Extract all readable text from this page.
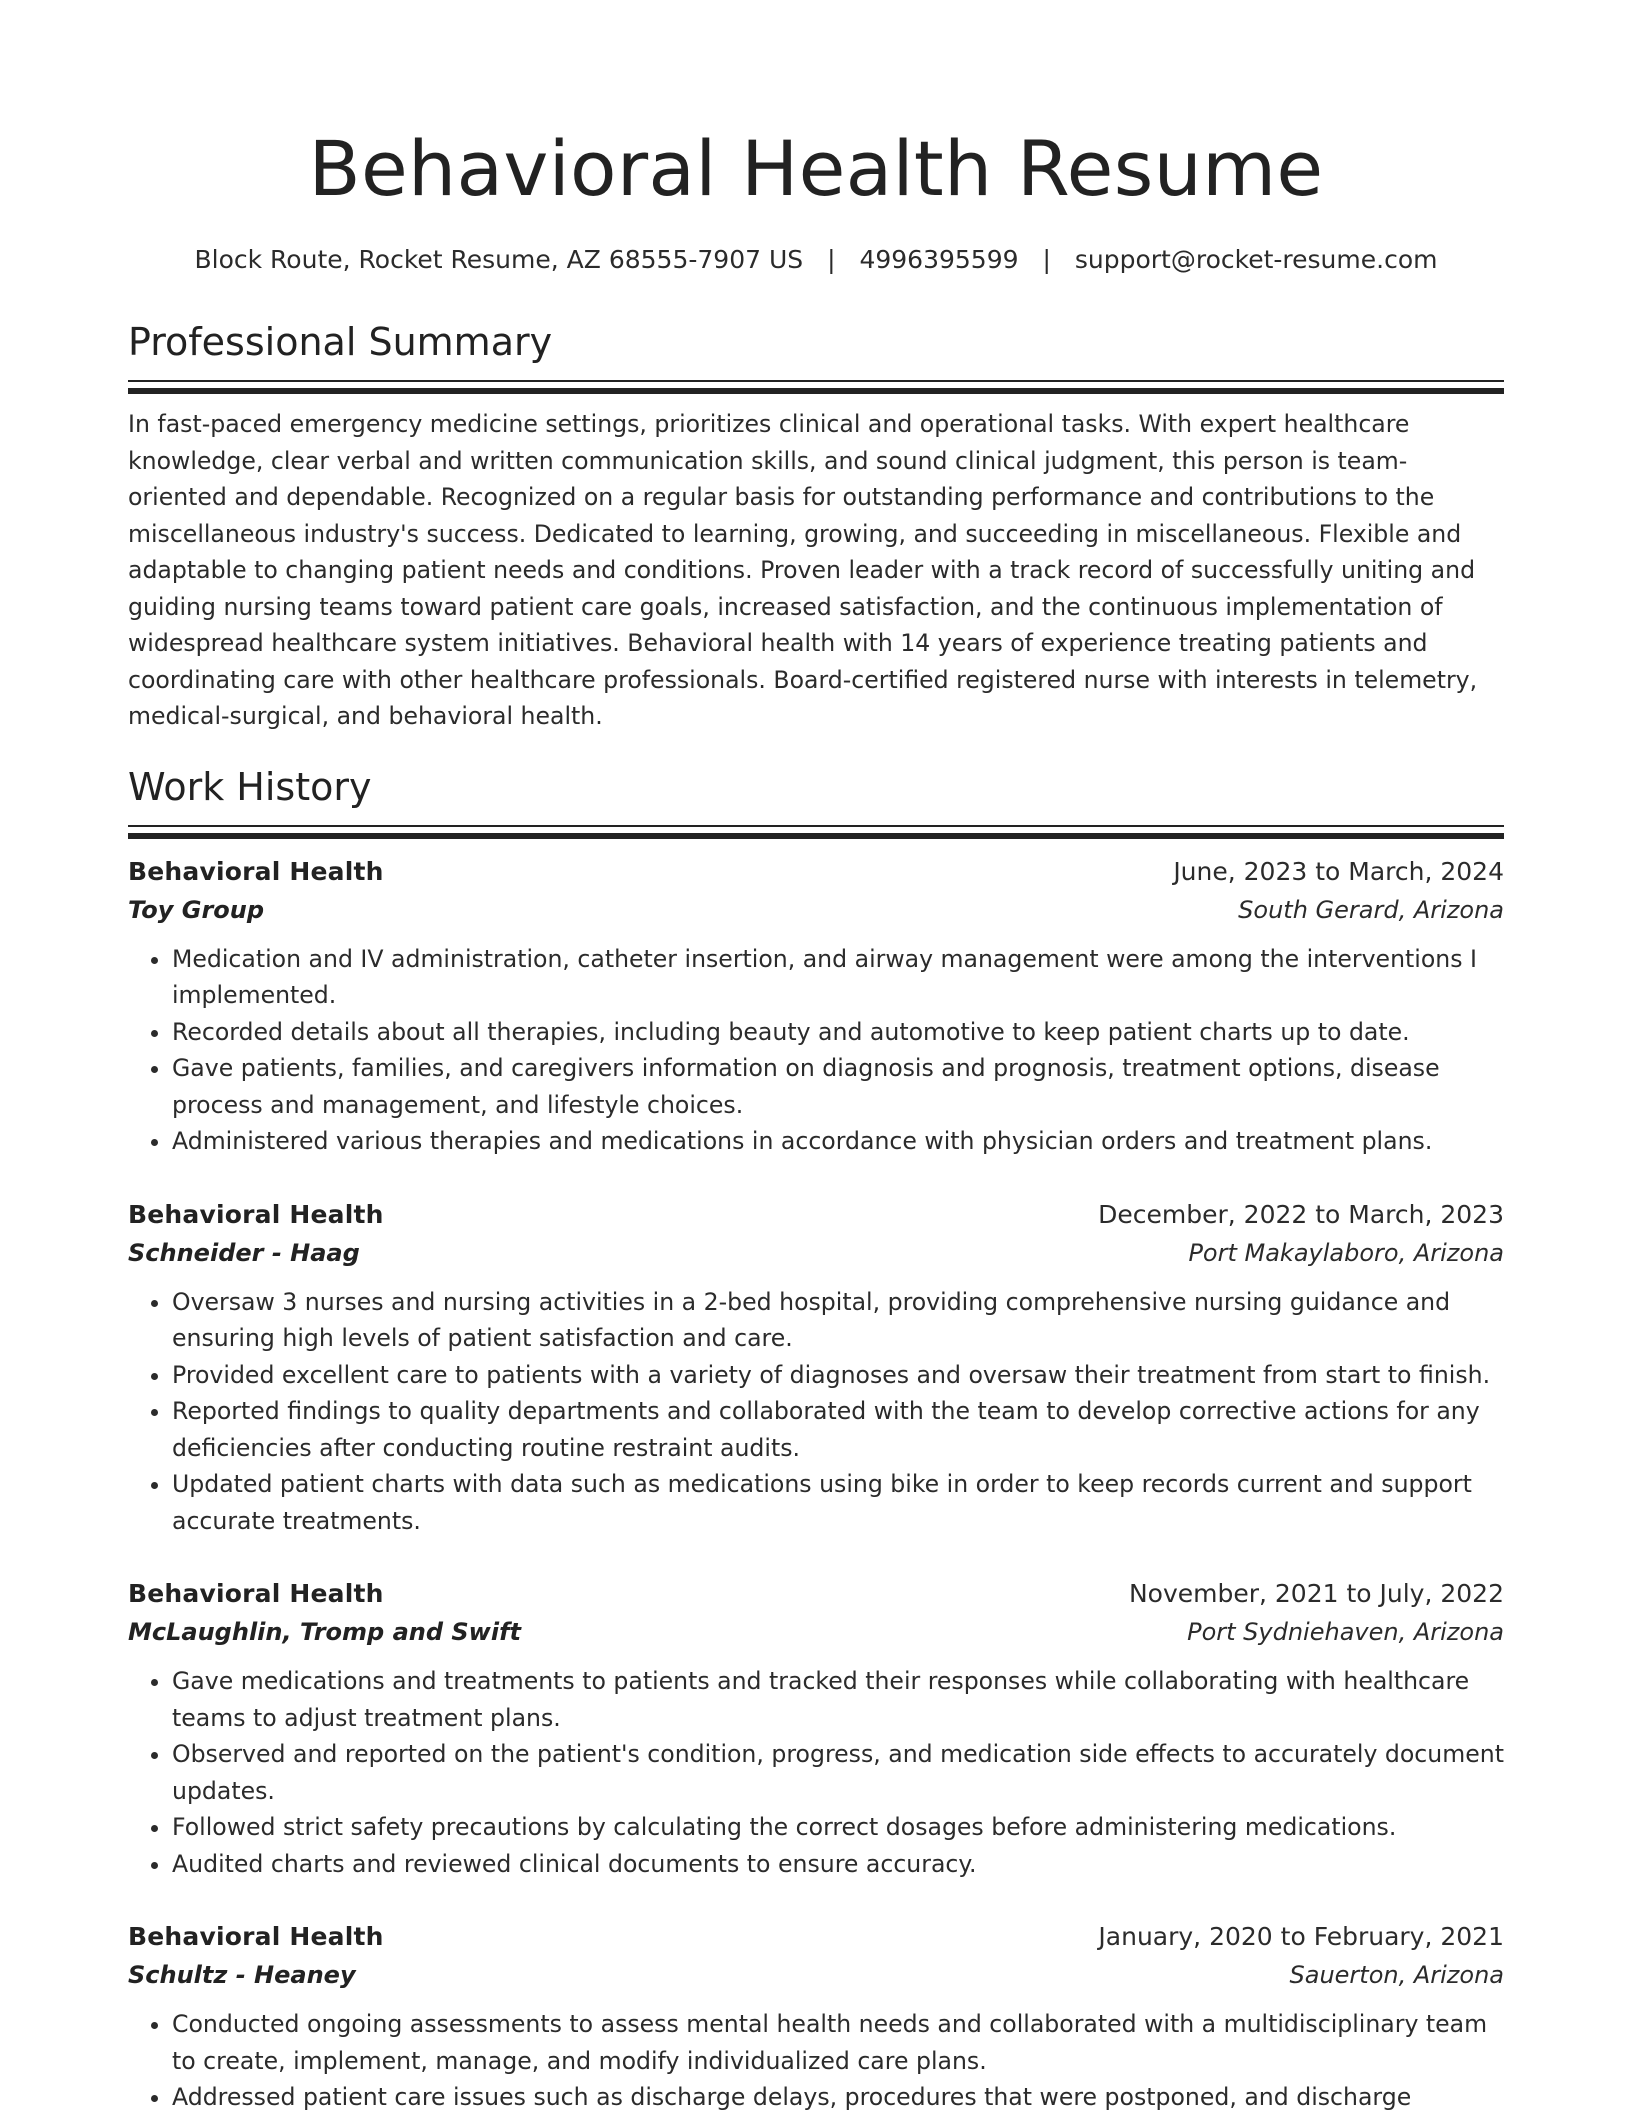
Behavioral Health Resume
Block Route, Rocket Resume, AZ 68555-7907 US | 4996395599 | support@rocket-resume.com
Professional Summary

In fast-paced emergency medicine settings, prioritizes clinical and operational tasks. With expert healthcare knowledge, clear verbal and written communication skills, and sound clinical judgment, this person is team-oriented and dependable. Recognized on a regular basis for outstanding performance and contributions to the miscellaneous industry's success. Dedicated to learning, growing, and succeeding in miscellaneous. Flexible and adaptable to changing patient needs and conditions. Proven leader with a track record of successfully uniting and guiding nursing teams toward patient care goals, increased satisfaction, and the continuous implementation of widespread healthcare system initiatives. Behavioral health with 14 years of experience treating patients and coordinating care with other healthcare professionals. Board-certified registered nurse with interests in telemetry, medical-surgical, and behavioral health.

Work History
Behavioral Health	June, 2023 to March, 2024
Toy Group	South Gerard, Arizona
• Medication and IV administration, catheter insertion, and airway management were among the interventions I implemented.
• Recorded details about all therapies, including beauty and automotive to keep patient charts up to date.
• Gave patients, families, and caregivers information on diagnosis and prognosis, treatment options, disease process and management, and lifestyle choices.
• Administered various therapies and medications in accordance with physician orders and treatment plans.
Behavioral Health	December, 2022 to March, 2023
Schneider - Haag	Port Makaylaboro, Arizona
• Oversaw 3 nurses and nursing activities in a 2-bed hospital, providing comprehensive nursing guidance and ensuring high levels of patient satisfaction and care.
• Provided excellent care to patients with a variety of diagnoses and oversaw their treatment from start to finish.
• Reported findings to quality departments and collaborated with the team to develop corrective actions for any deficiencies after conducting routine restraint audits.
• Updated patient charts with data such as medications using bike in order to keep records current and support accurate treatments.
Behavioral Health	November, 2021 to July, 2022
McLaughlin, Tromp and Swift	Port Sydniehaven, Arizona
• Gave medications and treatments to patients and tracked their responses while collaborating with healthcare teams to adjust treatment plans.
• Observed and reported on the patient's condition, progress, and medication side effects to accurately document updates.
• Followed strict safety precautions by calculating the correct dosages before administering medications.
• Audited charts and reviewed clinical documents to ensure accuracy.
Behavioral Health	January, 2020 to February, 2021
Schultz - Heaney	Sauerton, Arizona
• Conducted ongoing assessments to assess mental health needs and collaborated with a multidisciplinary team to create, implement, manage, and modify individualized care plans.
• Addressed patient care issues such as discharge delays, procedures that were postponed, and discharge
